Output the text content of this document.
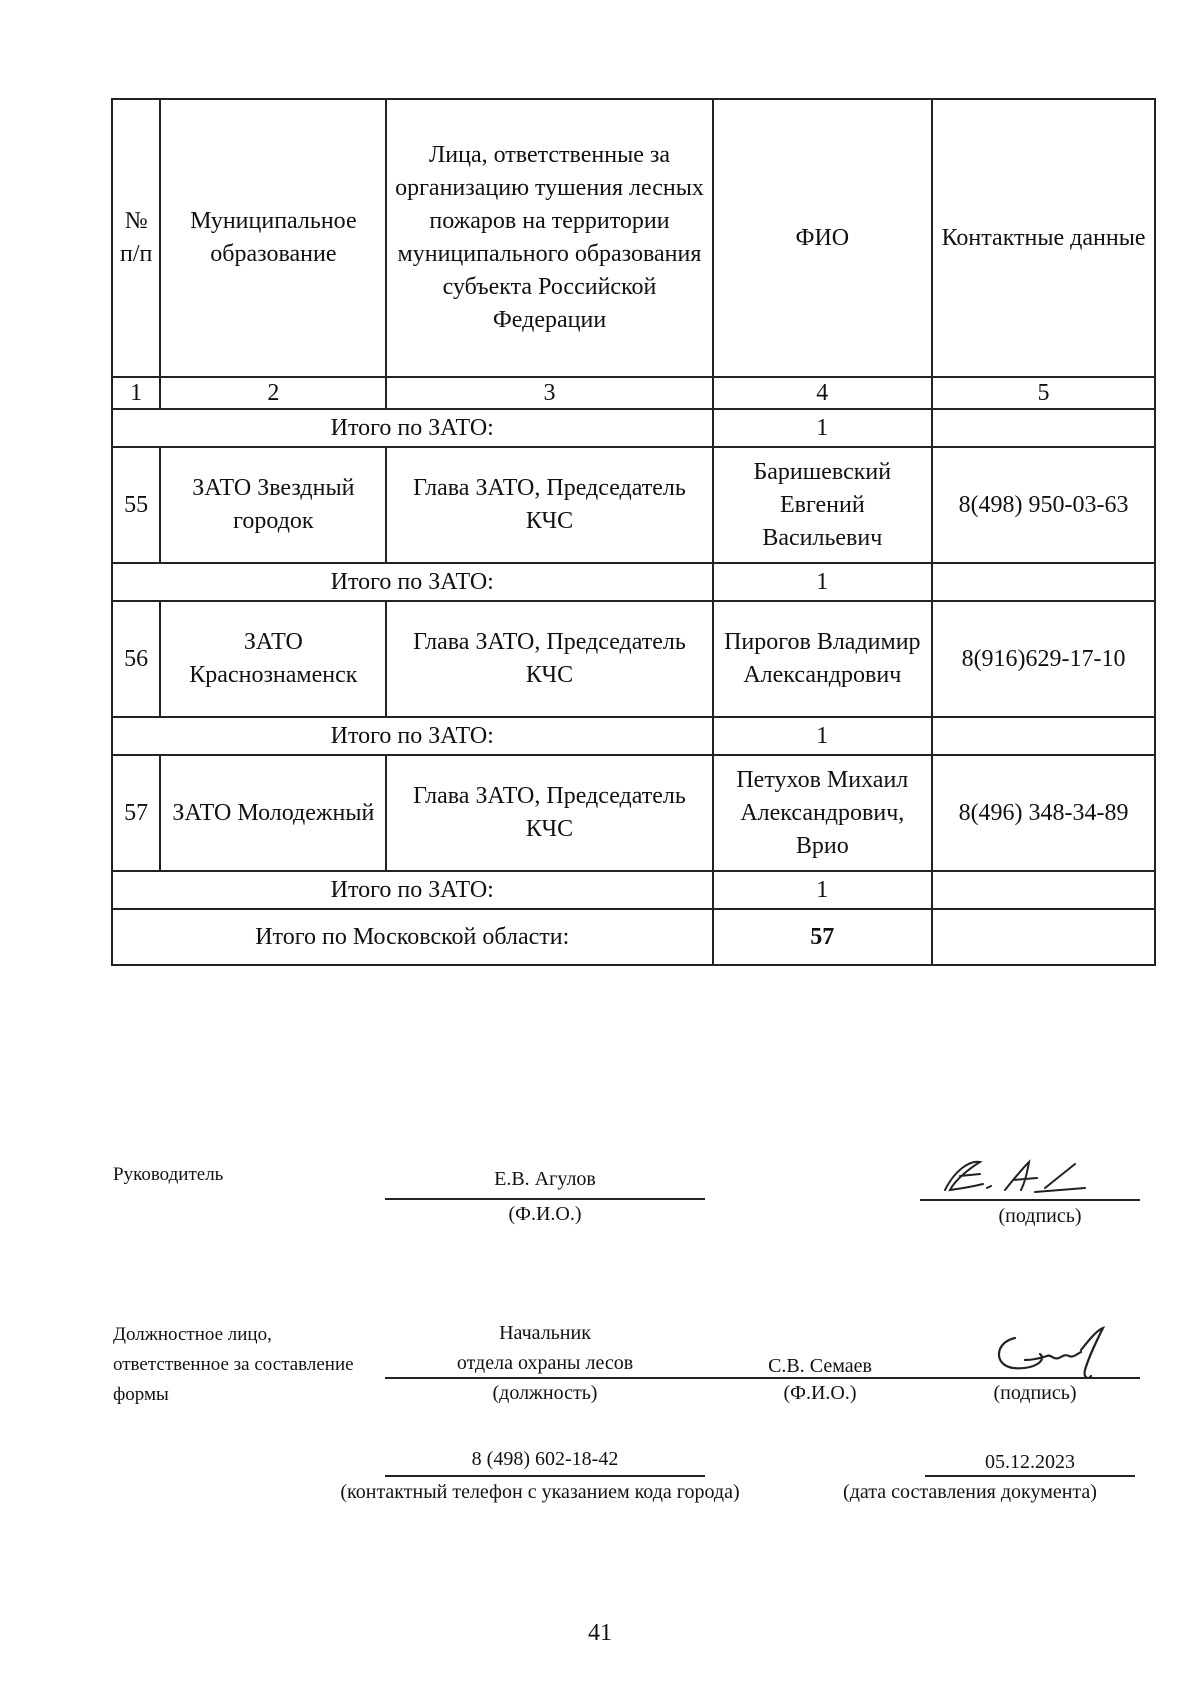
№ п/п	Муниципальное образование	Лица, ответственные за организацию тушения лесных пожаров на территории муниципального образования субъекта Российской Федерации	ФИО	Контактные данные
1	2	3	4	5
Итого по ЗАТО:			1	
55	ЗАТО Звездный городок	Глава ЗАТО, Председатель КЧС	Баришевский Евгений Васильевич	8(498) 950-03-63
Итого по ЗАТО:			1	
56	ЗАТО Краснознаменск	Глава ЗАТО, Председатель КЧС	Пирогов Владимир Александрович	8(916)629-17-10
Итого по ЗАТО:			1	
57	ЗАТО Молодежный	Глава ЗАТО, Председатель КЧС	Петухов Михаил Александрович, Врио	8(496) 348-34-89
Итого по ЗАТО:			1	
Итого по Московской области:			57	
Руководитель	Е.В. Агулов
(Ф.И.О.)	(подпись)
Должностное лицо, ответственное за составление формы
Начальник
отдела охраны лесов
(должность)
С.В. Семаев
(Ф.И.О.)	(подпись)
8 (498) 602-18-42
(контактный телефон с указанием кода города)
05.12.2023
(дата составления документа)
41
